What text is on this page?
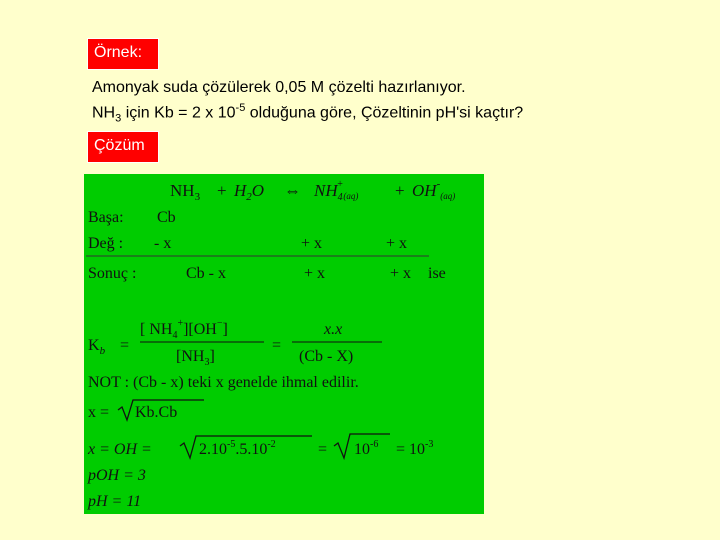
Örnek:
Amonyak suda çözülerek 0,05 M çözelti hazırlanıyor.
$NH_3$ için Kb = 2 x $10^{-5}$ olduğuna göre, Çözeltinin pH'si kaçtır?
Çözüm
$NH_3 + H_2O$ ⇔ $NH_4+_{(aq)} + OH^-_{(aq)}$
Başa: Cb
Değ : - x	+ x	+ x
Sonuç :	Cb - x	+ x	+ x ise
$K_b$ =
[ $NH_4^+][OH^-]$
$[NH_3]$
=
x.x
(Cb - X)
NOT : (Cb - x) teki x genelde ihmal edilir.
x = Kb.Cb
x = OH =	$2.10^{-5}.5.10^{-2}$	= $10^{-6} = 10^{-3}$
pOH = 3
pH = 11
